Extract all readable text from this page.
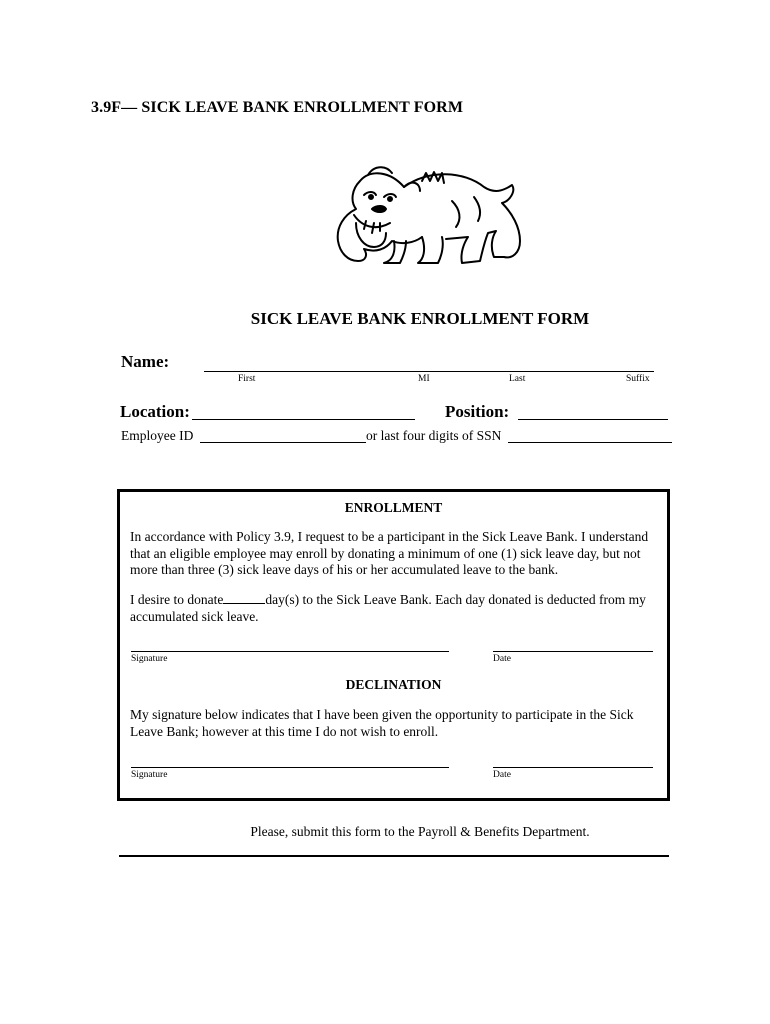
3.9F— SICK LEAVE BANK ENROLLMENT FORM
SICK LEAVE BANK ENROLLMENT FORM
Name:
First	MI	Last	Suffix
Location:	Position:
Employee ID	or last four digits of SSN
ENROLLMENT
In accordance with Policy 3.9, I request to be a participant in the Sick Leave Bank. I understand that an eligible employee may enroll by donating a minimum of one (1) sick leave day, but not more than three (3) sick leave days of his or her accumulated leave to the bank.
I desire to donate	day(s) to the Sick Leave Bank. Each day donated is deducted from my accumulated sick leave.
Signature	Date
DECLINATION
My signature below indicates that I have been given the opportunity to participate in the Sick Leave Bank; however at this time I do not wish to enroll.
Signature	Date
Please, submit this form to the Payroll & Benefits Department.
